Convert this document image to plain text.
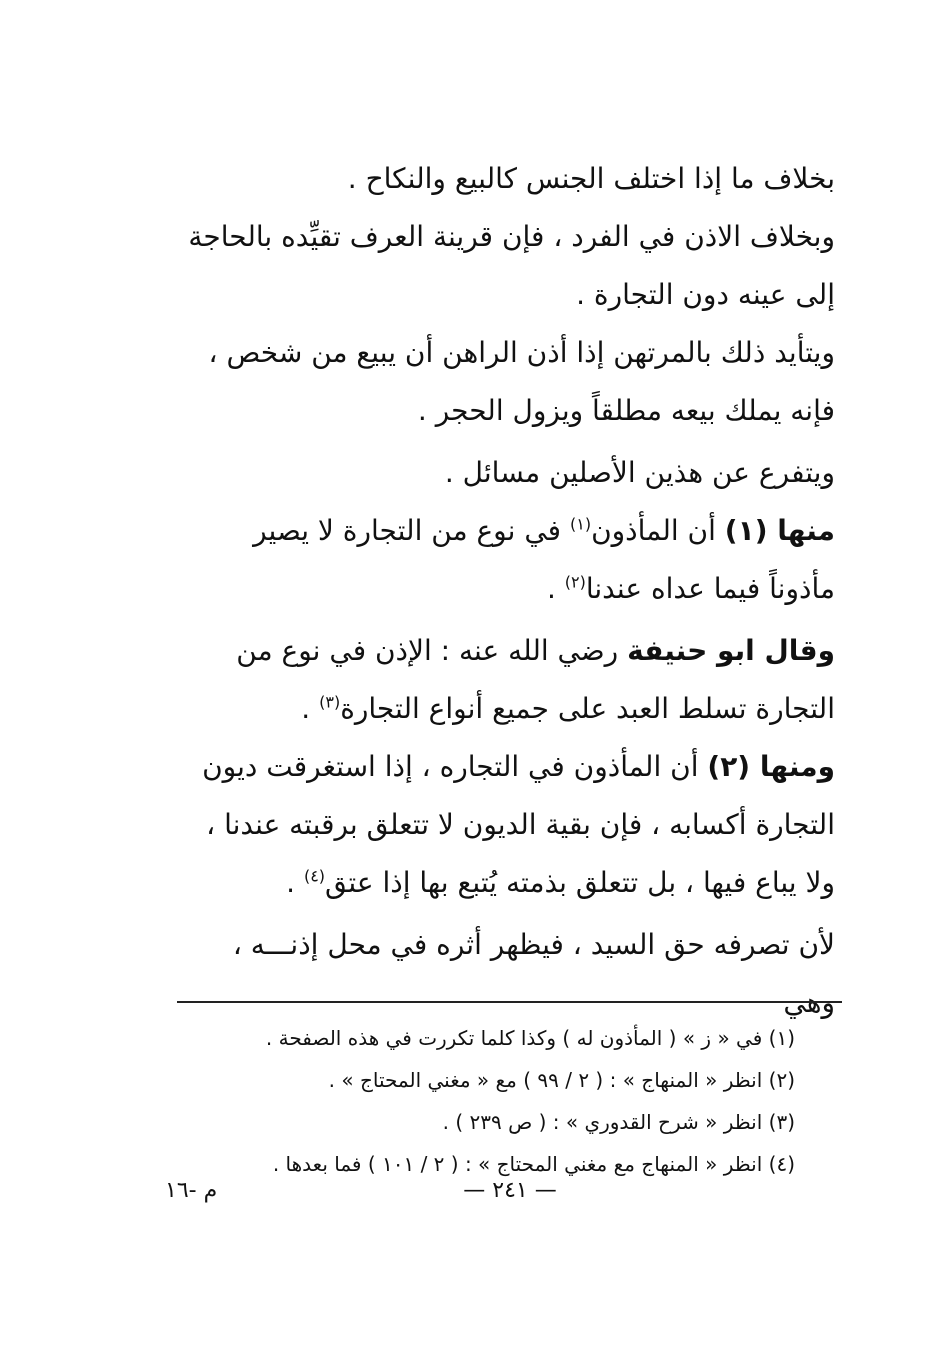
بخلاف ما إذا اختلف الجنس كالبيع والنكاح .

وبخلاف الاذن في الفرد ، فإن قرينة العرف تقيِّده بالحاجة إلى عينه دون التجارة .

ويتأيد ذلك بالمرتهن إذا أذن الراهن أن يبيع من شخص ، فإنه يملك بيعه مطلقاً ويزول الحجر .

ويتفرع عن هذين الأصلين مسائل .

منها (١) أن المأذون$^{(١)}$ في نوع من التجارة لا يصير مأذوناً فيما عداه عندنا$^{(٢)}$ .

وقال ابو حنيفة رضي الله عنه : الإذن في نوع من التجارة تسلط العبد على جميع أنواع التجارة$^{(٣)}$ .

ومنها (٢) أن المأذون في التجاره ، إذا استغرقت ديون التجارة أكسابه ، فإن بقية الديون لا تتعلق برقبته عندنا ، ولا يباع فيها ، بل تتعلق بذمته يُتبع بها إذا عتق$^{(٤)}$ .

لأن تصرفه حق السيد ، فيظهر أثره في محل إذنـــه ، وهي

(١) في « ز » ( المأذون له ) وكذا كلما تكررت في هذه الصفحة .
(٢) انظر « المنهاج » : ( ٢ / ٩٩ ) مع « مغني المحتاج » .
(٣) انظر « شرح القدوري » : ( ص ٢٣٩ ) .
(٤) انظر « المنهاج مع مغني المحتاج » : ( ٢ / ١٠١ ) فما بعدها .
— ٢٤١ —
م -١٦
